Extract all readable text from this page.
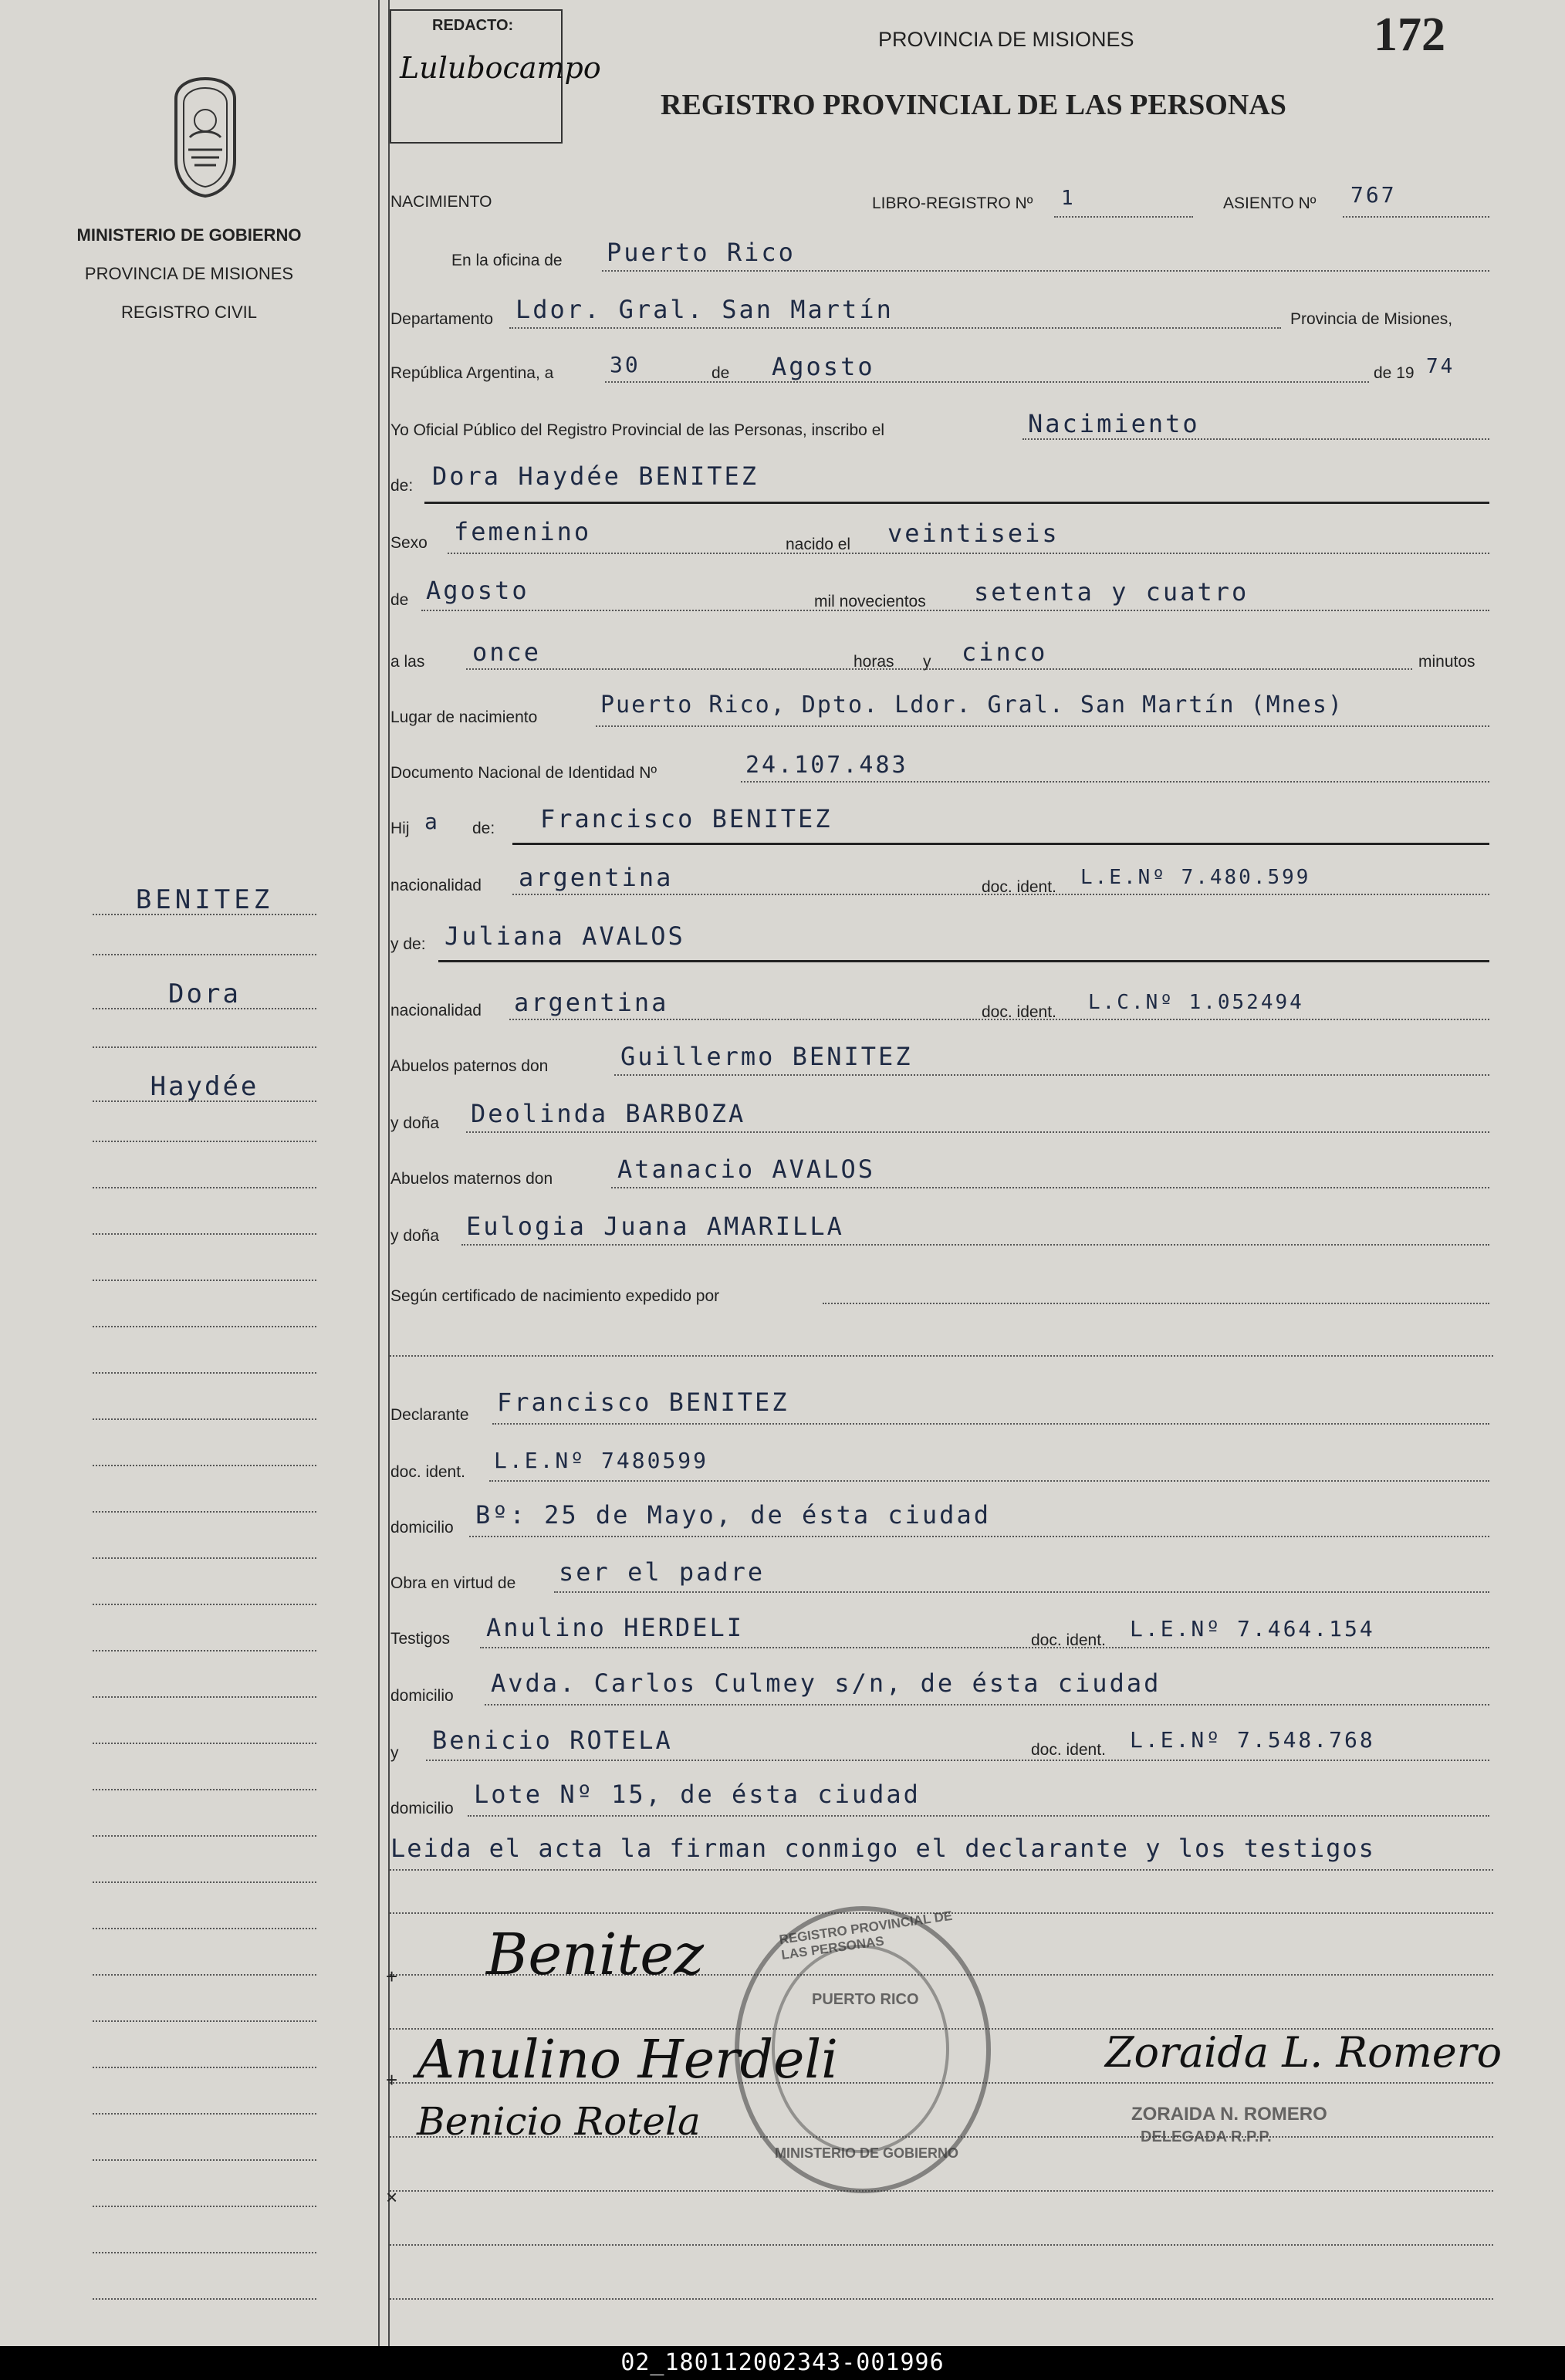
MINISTERIO DE GOBIERNO
PROVINCIA DE MISIONES
REGISTRO CIVIL
BENITEZ
Dora
Haydée
REDACTO:
Lulubocampo
PROVINCIA DE MISIONES
REGISTRO PROVINCIAL DE LAS PERSONAS
172
NACIMIENTO	LIBRO-REGISTRO Nº 1	ASIENTO Nº 767
En la oficina de Puerto Rico
Departamento Ldor. Gral. San Martín	Provincia de Misiones,
República Argentina, a	30	de Agosto	de 19 74
Yo Oficial Público del Registro Provincial de las Personas, inscribo el	Nacimiento
de: Dora Haydée BENITEZ
Sexo femenino	nacido el veintiseis
de Agosto	mil novecientos setenta y cuatro
a las once	horas y cinco	minutos
Lugar de nacimiento	Puerto Rico, Dpto. Ldor. Gral. San Martín (Mnes)
Documento Nacional de Identidad Nº	24.107.483
Hij a de: Francisco BENITEZ
nacionalidad argentina	doc. ident. L.E.Nº 7.480.599
y de: Juliana AVALOS
nacionalidad argentina	doc. ident. L.C.Nº 1.052494
Abuelos paternos don	Guillermo BENITEZ
y doña Deolinda BARBOZA
Abuelos maternos don	Atanacio AVALOS
y doña Eulogia Juana AMARILLA
Según certificado de nacimiento expedido por
Declarante Francisco BENITEZ
doc. ident. L.E.Nº 7480599
domicilio Bº: 25 de Mayo, de ésta ciudad
Obra en virtud de ser el padre
Testigos Anulino HERDELI	doc. ident. L.E.Nº 7.464.154
domicilio Avda. Carlos Culmey s/n, de ésta ciudad
y Benicio ROTELA	doc. ident. L.E.Nº 7.548.768
domicilio Lote Nº 15, de ésta ciudad
Leida el acta la firman conmigo el declarante y los testigos
REGISTRO PROVINCIAL DE LAS PERSONAS
PUERTO RICO
MINISTERIO DE GOBIERNO
+ Benitez
+ Anulino Herdeli
Benicio Rotela
×
Zoraida L. Romero
ZORAIDA N. ROMERO
DELEGADA R.P.P.
02_180112002343-001996
